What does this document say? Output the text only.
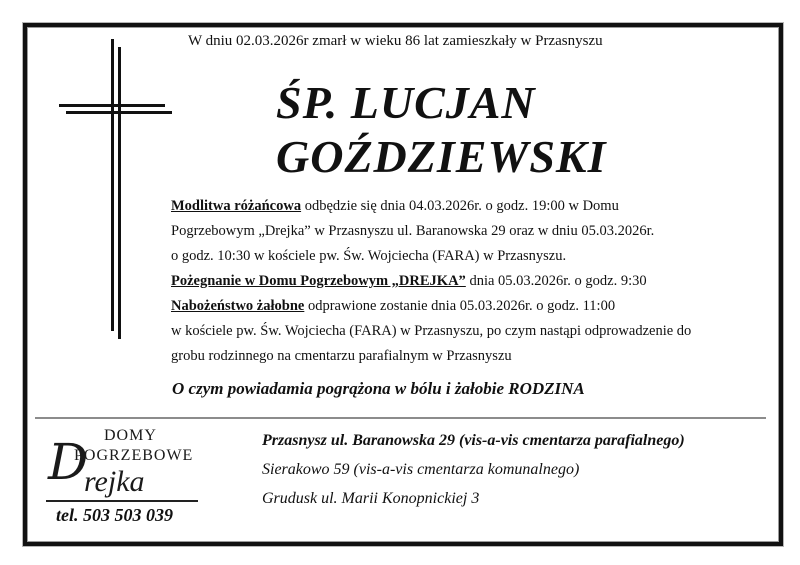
W dniu 02.03.2026r zmarł w wieku 86 lat zamieszkały w Przasnyszu
ŚP. LUCJAN
GOŹDZIEWSKI
Modlitwa różańcowa odbędzie się dnia 04.03.2026r. o godz. 19:00 w Domu
Pogrzebowym „Drejka” w Przasnyszu ul. Baranowska 29 oraz w dniu 05.03.2026r.
o godz. 10:30 w kościele pw. Św. Wojciecha (FARA) w Przasnyszu.
Pożegnanie w Domu Pogrzebowym „DREJKA” dnia 05.03.2026r. o godz. 9:30
Nabożeństwo żałobne odprawione zostanie dnia 05.03.2026r. o godz. 11:00
w kościele pw. Św. Wojciecha (FARA) w Przasnyszu, po czym nastąpi odprowadzenie do
grobu rodzinnego na cmentarzu parafialnym w Przasnyszu
O czym powiadamia pogrążona w bólu i żałobie RODZINA
DOMY
POGRZEBOWE
D
rejka
tel. 503 503 039
Przasnysz ul. Baranowska 29 (vis-a-vis cmentarza parafialnego)
Sierakowo 59 (vis-a-vis cmentarza komunalnego)
Grudusk ul. Marii Konopnickiej 3
